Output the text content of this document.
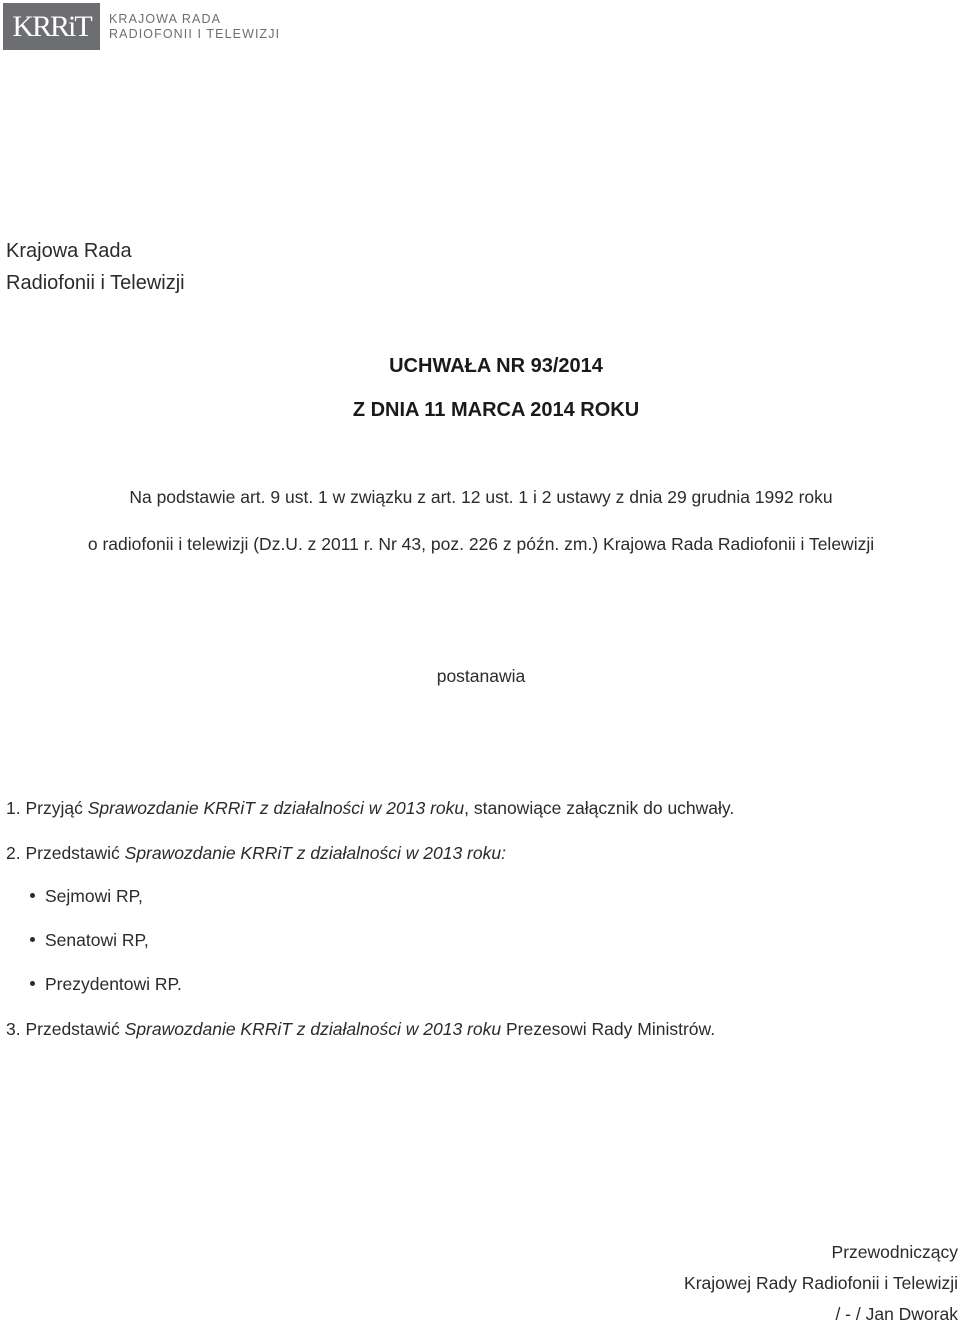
KRRiT KRAJOWA RADA
RADIOFONII I TELEWIZJI
Krajowa Rada
Radiofonii i Telewizji
UCHWAŁA NR 93/2014
Z DNIA 11 MARCA 2014 ROKU
Na podstawie art. 9 ust. 1 w związku z art. 12 ust. 1 i 2 ustawy z dnia 29 grudnia 1992 roku
o radiofonii i telewizji (Dz.U. z 2011 r. Nr 43, poz. 226 z późn. zm.) Krajowa Rada Radiofonii i Telewizji
postanawia
1. Przyjąć Sprawozdanie KRRiT z działalności w 2013 roku, stanowiące załącznik do uchwały.
2. Przedstawić Sprawozdanie KRRiT z działalności w 2013 roku:
Sejmowi RP,
Senatowi RP,
Prezydentowi RP.
3. Przedstawić Sprawozdanie KRRiT z działalności w 2013 roku Prezesowi Rady Ministrów.
Przewodniczący
Krajowej Rady Radiofonii i Telewizji
/ - / Jan Dworak
